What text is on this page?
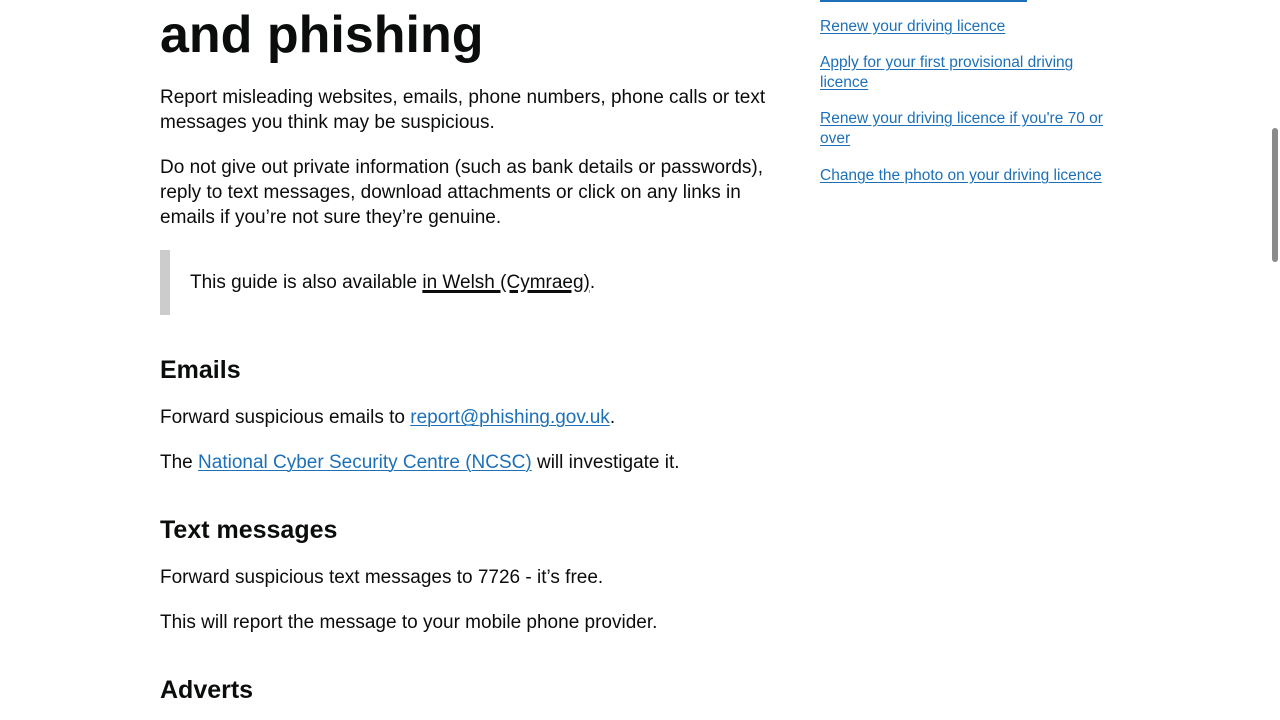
and phishing

Report misleading websites, emails, phone numbers, phone calls or text messages you think may be suspicious.

Do not give out private information (such as bank details or passwords), reply to text messages, download attachments or click on any links in emails if you’re not sure they’re genuine.

This guide is also available in Welsh (Cymraeg).

Emails

Forward suspicious emails to report@phishing.gov.uk.

The National Cyber Security Centre (NCSC) will investigate it.

Text messages

Forward suspicious text messages to 7726 - it’s free.

This will report the message to your mobile phone provider.

Adverts
Renew your driving licence
Apply for your first provisional driving licence
Renew your driving licence if you're 70 or over
Change the photo on your driving licence
